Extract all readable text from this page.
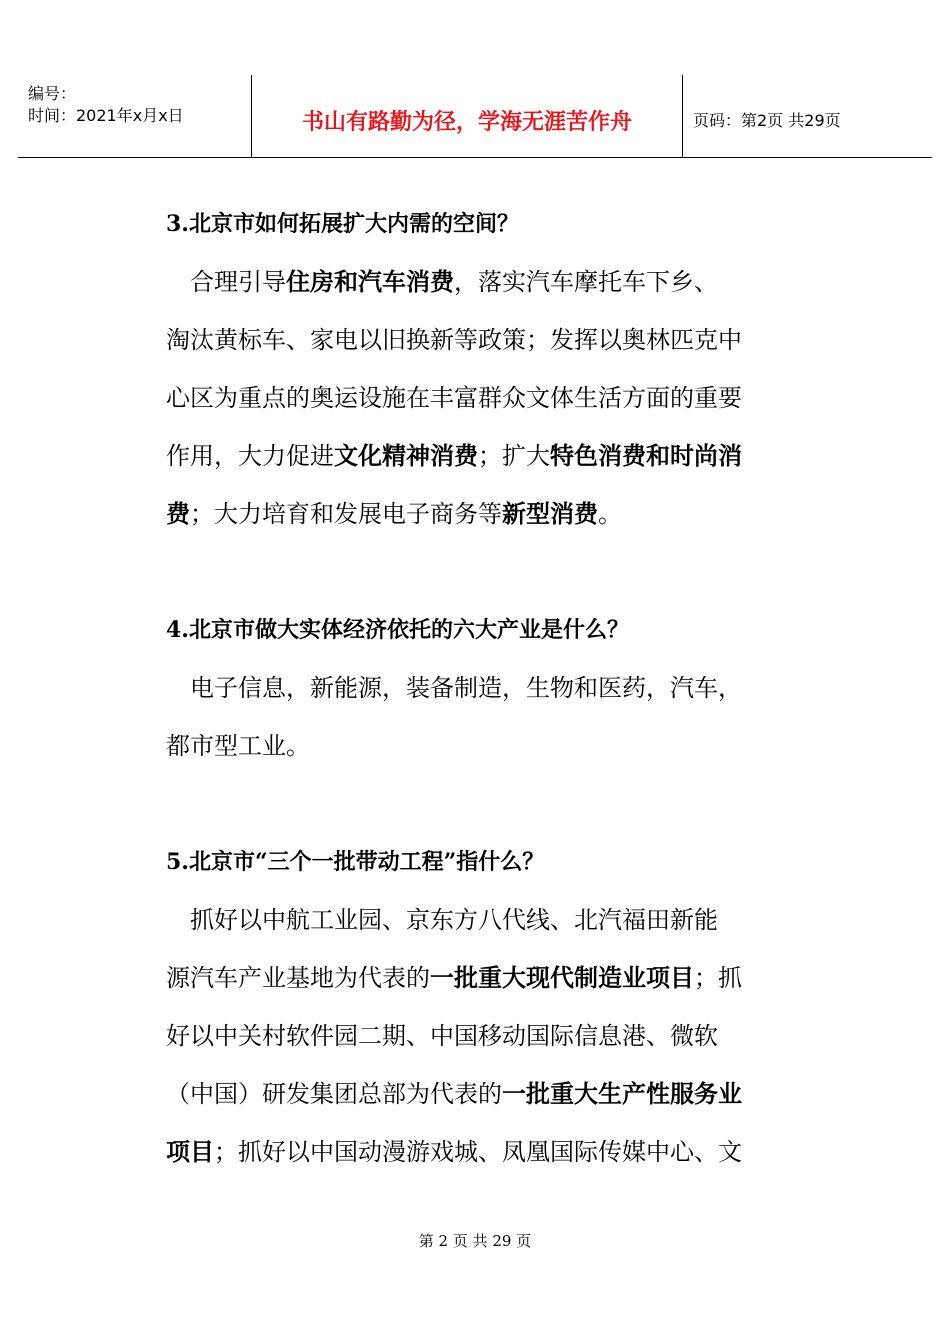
编号：
时间：2021年x月x日	书山有路勤为径，学海无涯苦作舟	页码：第2页 共29页

3.北京市如何拓展扩大内需的空间？

　合理引导住房和汽车消费，落实汽车摩托车下乡、
淘汰黄标车、家电以旧换新等政策；发挥以奥林匹克中
心区为重点的奥运设施在丰富群众文体生活方面的重要
作用，大力促进文化精神消费；扩大特色消费和时尚消
费；大力培育和发展电子商务等新型消费。

4.北京市做大实体经济依托的六大产业是什么？

　电子信息，新能源，装备制造，生物和医药，汽车，
都市型工业。

5.北京市“三个一批带动工程”指什么？

　抓好以中航工业园、京东方八代线、北汽福田新能
源汽车产业基地为代表的一批重大现代制造业项目；抓
好以中关村软件园二期、中国移动国际信息港、微软
（中国）研发集团总部为代表的一批重大生产性服务业
项目；抓好以中国动漫游戏城、凤凰国际传媒中心、文

第 2 页 共 29 页
